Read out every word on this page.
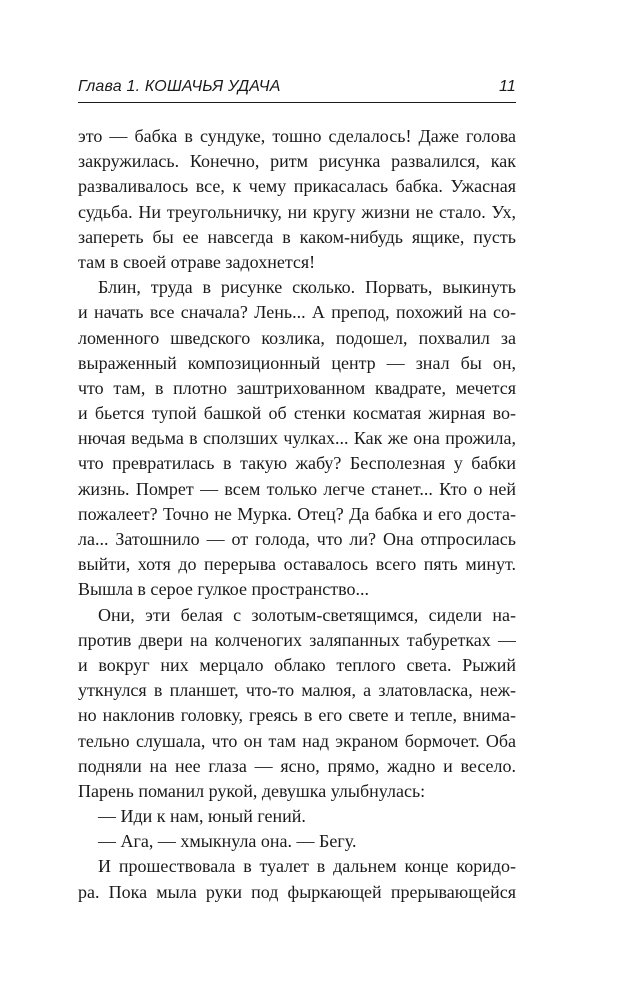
Глава 1. КОШАЧЬЯ УДАЧА	11
это — бабка в сундуке, тошно сделалось! Даже голова
закружилась. Конечно, ритм рисунка развалился, как
разваливалось все, к чему прикасалась бабка. Ужасная
судьба. Ни треугольничку, ни кругу жизни не стало. Ух,
запереть бы ее навсегда в каком-нибудь ящике, пусть
там в своей отраве задохнется!
Блин, труда в рисунке сколько. Порвать, выкинуть
и начать все сначала? Лень... А препод, похожий на со-
ломенного шведского козлика, подошел, похвалил за
выраженный композиционный центр — знал бы он,
что там, в плотно заштрихованном квадрате, мечется
и бьется тупой башкой об стенки косматая жирная во-
нючая ведьма в сползших чулках... Как же она прожила,
что превратилась в такую жабу? Бесполезная у бабки
жизнь. Помрет — всем только легче станет... Кто о ней
пожалеет? Точно не Мурка. Отец? Да бабка и его доста-
ла... Затошнило — от голода, что ли? Она отпросилась
выйти, хотя до перерыва оставалось всего пять минут.
Вышла в серое гулкое пространство...
Они, эти белая с золотым-светящимся, сидели на-
против двери на колченогих заляпанных табуретках —
и вокруг них мерцало облако теплого света. Рыжий
уткнулся в планшет, что-то малюя, а златовласка, неж-
но наклонив головку, греясь в его свете и тепле, внима-
тельно слушала, что он там над экраном бормочет. Оба
подняли на нее глаза — ясно, прямо, жадно и весело.
Парень поманил рукой, девушка улыбнулась:
— Иди к нам, юный гений.
— Ага, — хмыкнула она. — Бегу.
И прошествовала в туалет в дальнем конце коридо-
ра. Пока мыла руки под фыркающей прерывающейся
